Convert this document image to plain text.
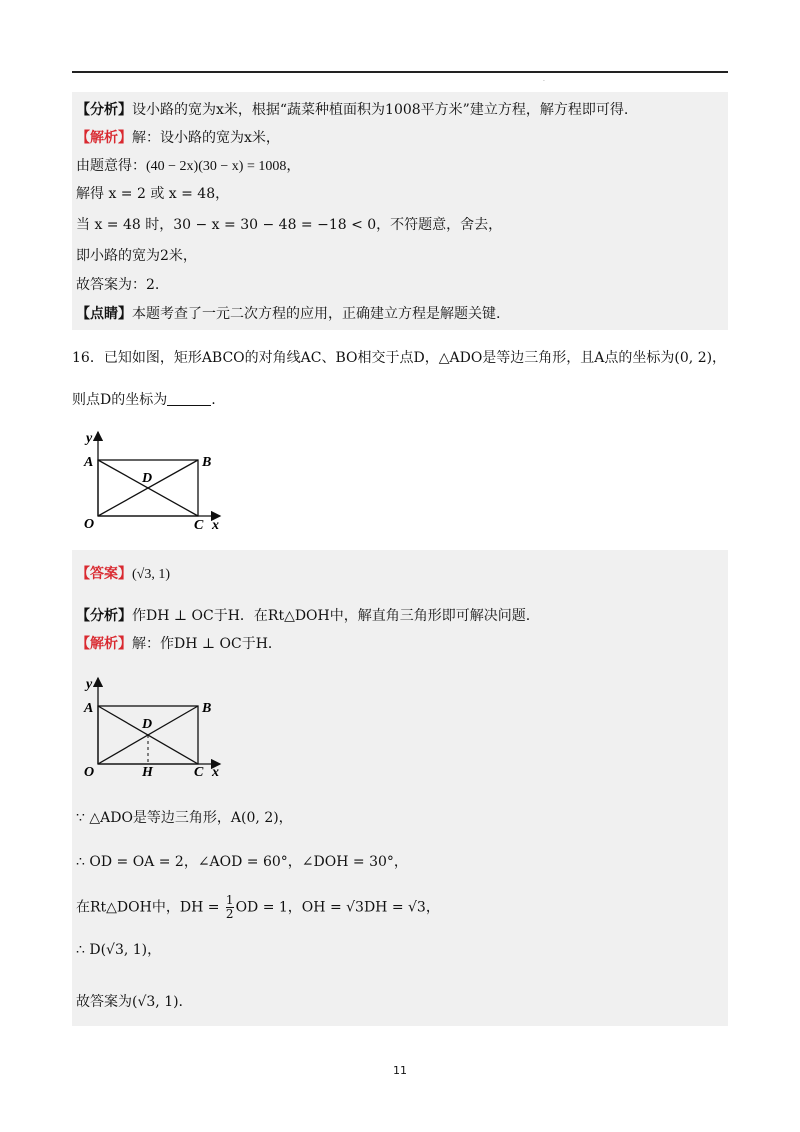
·
【分析】设小路的宽为x米，根据“蔬菜种植面积为1008平方米”建立方程，解方程即可得.
【解析】解：设小路的宽为x米，
由题意得：(40 − 2x)(30 − x) = 1008，
解得 x = 2 或 x = 48，
当 x = 48 时，30 − x = 30 − 48 = −18 < 0，不符题意，舍去，
即小路的宽为2米，
故答案为：2.
【点睛】本题考查了一元二次方程的应用，正确建立方程是解题关键.
16．已知如图，矩形ABCO的对角线AC、BO相交于点D，△ADO是等边三角形，且A点的坐标为(0, 2)，
则点D的坐标为	.
y
A	B
D
O	C x
【答案】(√3, 1)
【分析】作DH ⊥ OC于H．在Rt△DOH中，解直角三角形即可解决问题.
【解析】解：作DH ⊥ OC于H．
y
A	B
D
O	H	C x
∵ △ADO是等边三角形，A(0, 2)，
∴ OD = OA = 2，∠AOD = 60°，∠DOH = 30°，
在Rt△DOH中，DH = $\frac{1}{2}$ OD = 1，OH = √3DH = √3，
∴ D(√3, 1)，
故答案为(√3, 1).
11
